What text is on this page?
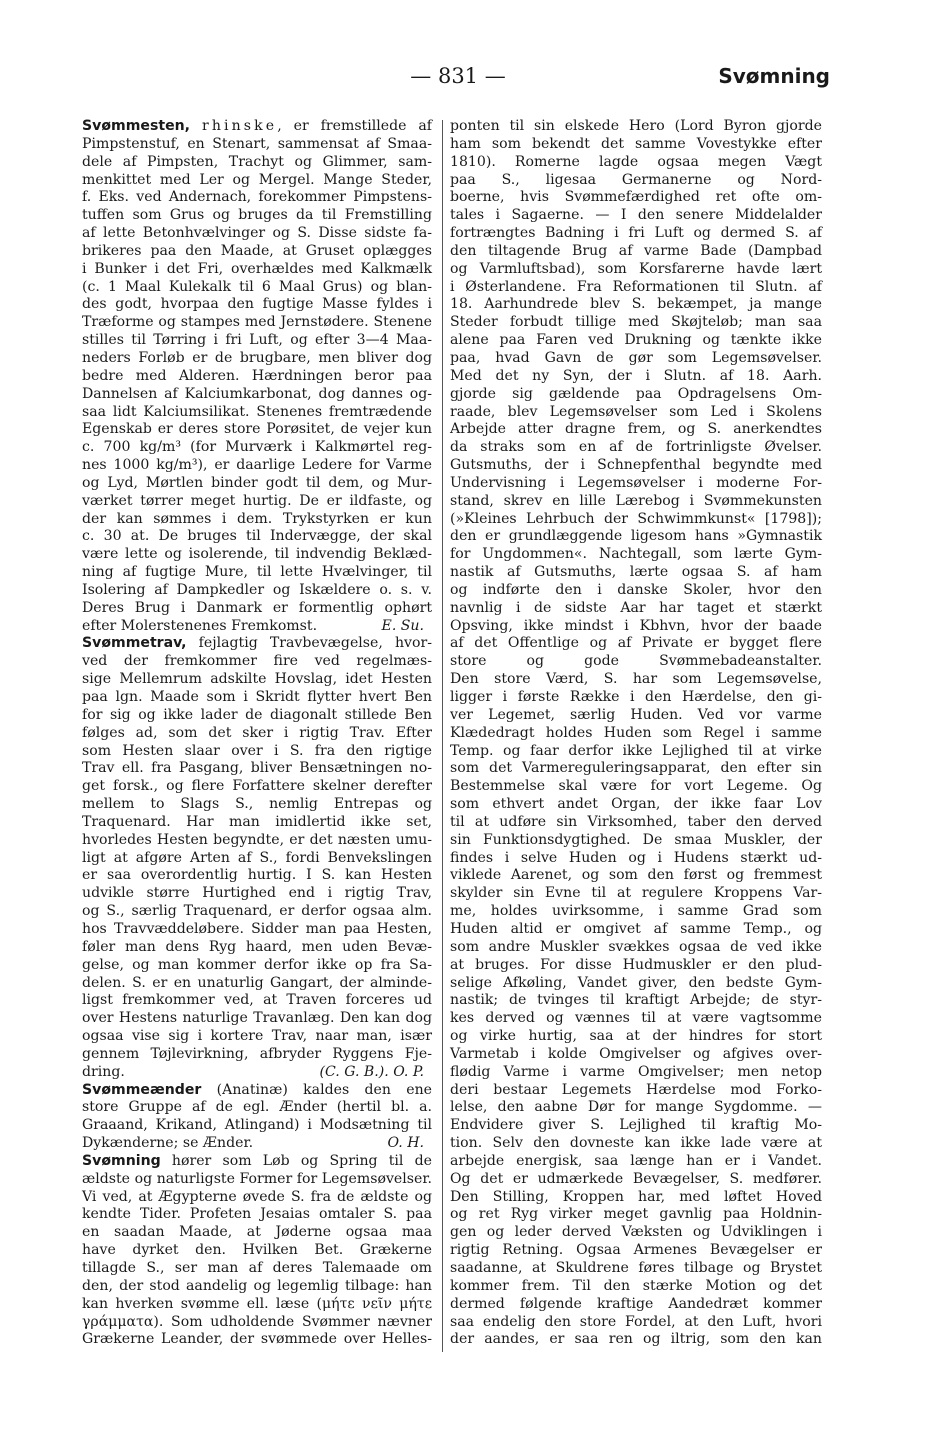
— 831 —	Svømning
Svømmesten, rhinske, er fremstillede af
Pimpstenstuf, en Stenart, sammensat af Smaa-
dele af Pimpsten, Trachyt og Glimmer, sam-
menkittet med Ler og Mergel. Mange Steder,
f. Eks. ved Andernach, forekommer Pimpstens-
tuffen som Grus og bruges da til Fremstilling
af lette Betonhvælvinger og S. Disse sidste fa-
brikeres paa den Maade, at Gruset oplægges
i Bunker i det Fri, overhældes med Kalkmælk
(c. 1 Maal Kulekalk til 6 Maal Grus) og blan-
des godt, hvorpaa den fugtige Masse fyldes i
Træforme og stampes med Jernstødere. Stenene
stilles til Tørring i fri Luft, og efter 3—4 Maa-
neders Forløb er de brugbare, men bliver dog
bedre med Alderen. Hærdningen beror paa
Dannelsen af Kalciumkarbonat, dog dannes og-
saa lidt Kalciumsilikat. Stenenes fremtrædende
Egenskab er deres store Porøsitet, de vejer kun
c. 700 kg/m³ (for Murværk i Kalkmørtel reg-
nes 1000 kg/m³), er daarlige Ledere for Varme
og Lyd, Mørtlen binder godt til dem, og Mur-
værket tørrer meget hurtig. De er ildfaste, og
der kan sømmes i dem. Trykstyrken er kun
c. 30 at. De bruges til Indervægge, der skal
være lette og isolerende, til indvendig Beklæd-
ning af fugtige Mure, til lette Hvælvinger, til
Isolering af Dampkedler og Iskældere o. s. v.
Deres Brug i Danmark er formentlig ophørt
efter Molerstenenes Fremkomst.	E. Su.
Svømmetrav, fejlagtig Travbevægelse, hvor-
ved der fremkommer fire ved regelmæs-
sige Mellemrum adskilte Hovslag, idet Hesten
paa lgn. Maade som i Skridt flytter hvert Ben
for sig og ikke lader de diagonalt stillede Ben
følges ad, som det sker i rigtig Trav. Efter
som Hesten slaar over i S. fra den rigtige
Trav ell. fra Pasgang, bliver Bensætningen no-
get forsk., og flere Forfattere skelner derefter
mellem to Slags S., nemlig Entrepas og
Traquenard. Har man imidlertid ikke set,
hvorledes Hesten begyndte, er det næsten umu-
ligt at afgøre Arten af S., fordi Benvekslingen
er saa overordentlig hurtig. I S. kan Hesten
udvikle større Hurtighed end i rigtig Trav,
og S., særlig Traquenard, er derfor ogsaa alm.
hos Travvæddeløbere. Sidder man paa Hesten,
føler man dens Ryg haard, men uden Bevæ-
gelse, og man kommer derfor ikke op fra Sa-
delen. S. er en unaturlig Gangart, der alminde-
ligst fremkommer ved, at Traven forceres ud
over Hestens naturlige Travanlæg. Den kan dog
ogsaa vise sig i kortere Trav, naar man, især
gennem Tøjlevirkning, afbryder Ryggens Fje-
dring.	(C. G. B.). O. P.
Svømmeænder (Anatinæ) kaldes den ene
store Gruppe af de egl. Ænder (hertil bl. a.
Graaand, Krikand, Atlingand) i Modsætning til
Dykænderne; se Ænder.	O. H.
Svømning hører som Løb og Spring til de
ældste og naturligste Former for Legemsøvelser.
Vi ved, at Ægypterne øvede S. fra de ældste og
kendte Tider. Profeten Jesaias omtaler S. paa
en saadan Maade, at Jøderne ogsaa maa
have dyrket den. Hvilken Bet. Grækerne
tillagde S., ser man af deres Talemaade om
den, der stod aandelig og legemlig tilbage: han
kan hverken svømme ell. læse (μήτε νεῖν μήτε
γράμματα). Som udholdende Svømmer nævner
Grækerne Leander, der svømmede over Helles-
ponten til sin elskede Hero (Lord Byron gjorde
ham som bekendt det samme Vovestykke efter
1810). Romerne lagde ogsaa megen Vægt
paa S., ligesaa Germanerne og Nord-
boerne, hvis Svømmefærdighed ret ofte om-
tales i Sagaerne. — I den senere Middelalder
fortrængtes Badning i fri Luft og dermed S. af
den tiltagende Brug af varme Bade (Dampbad
og Varmluftsbad), som Korsfarerne havde lært
i Østerlandene. Fra Reformationen til Slutn. af
18. Aarhundrede blev S. bekæmpet, ja mange
Steder forbudt tillige med Skøjteløb; man saa
alene paa Faren ved Drukning og tænkte ikke
paa, hvad Gavn de gør som Legemsøvelser.
Med det ny Syn, der i Slutn. af 18. Aarh.
gjorde sig gældende paa Opdragelsens Om-
raade, blev Legemsøvelser som Led i Skolens
Arbejde atter dragne frem, og S. anerkendtes
da straks som en af de fortrinligste Øvelser.
Gutsmuths, der i Schnepfenthal begyndte med
Undervisning i Legemsøvelser i moderne For-
stand, skrev en lille Lærebog i Svømmekunsten
(»Kleines Lehrbuch der Schwimmkunst« [1798]);
den er grundlæggende ligesom hans »Gymnastik
for Ungdommen«. Nachtegall, som lærte Gym-
nastik af Gutsmuths, lærte ogsaa S. af ham
og indførte den i danske Skoler, hvor den
navnlig i de sidste Aar har taget et stærkt
Opsving, ikke mindst i Kbhvn, hvor der baade
af det Offentlige og af Private er bygget flere
store og gode Svømmebadeanstalter.
Den store Værd, S. har som Legemsøvelse,
ligger i første Række i den Hærdelse, den gi-
ver Legemet, særlig Huden. Ved vor varme
Klædedragt holdes Huden som Regel i samme
Temp. og faar derfor ikke Lejlighed til at virke
som det Varmereguleringsapparat, den efter sin
Bestemmelse skal være for vort Legeme. Og
som ethvert andet Organ, der ikke faar Lov
til at udføre sin Virksomhed, taber den derved
sin Funktionsdygtighed. De smaa Muskler, der
findes i selve Huden og i Hudens stærkt ud-
viklede Aarenet, og som den først og fremmest
skylder sin Evne til at regulere Kroppens Var-
me, holdes uvirksomme, i samme Grad som
Huden altid er omgivet af samme Temp., og
som andre Muskler svækkes ogsaa de ved ikke
at bruges. For disse Hudmuskler er den plud-
selige Afkøling, Vandet giver, den bedste Gym-
nastik; de tvinges til kraftigt Arbejde; de styr-
kes derved og vænnes til at være vagtsomme
og virke hurtig, saa at der hindres for stort
Varmetab i kolde Omgivelser og afgives over-
flødig Varme i varme Omgivelser; men netop
deri bestaar Legemets Hærdelse mod Forko-
lelse, den aabne Dør for mange Sygdomme. —
Endvidere giver S. Lejlighed til kraftig Mo-
tion. Selv den dovneste kan ikke lade være at
arbejde energisk, saa længe han er i Vandet.
Og det er udmærkede Bevægelser, S. medfører.
Den Stilling, Kroppen har, med løftet Hoved
og ret Ryg virker meget gavnlig paa Holdnin-
gen og leder derved Væksten og Udviklingen i
rigtig Retning. Ogsaa Armenes Bevægelser er
saadanne, at Skuldrene føres tilbage og Brystet
kommer frem. Til den stærke Motion og det
dermed følgende kraftige Aandedræt kommer
saa endelig den store Fordel, at den Luft, hvori
der aandes, er saa ren og iltrig, som den kan
